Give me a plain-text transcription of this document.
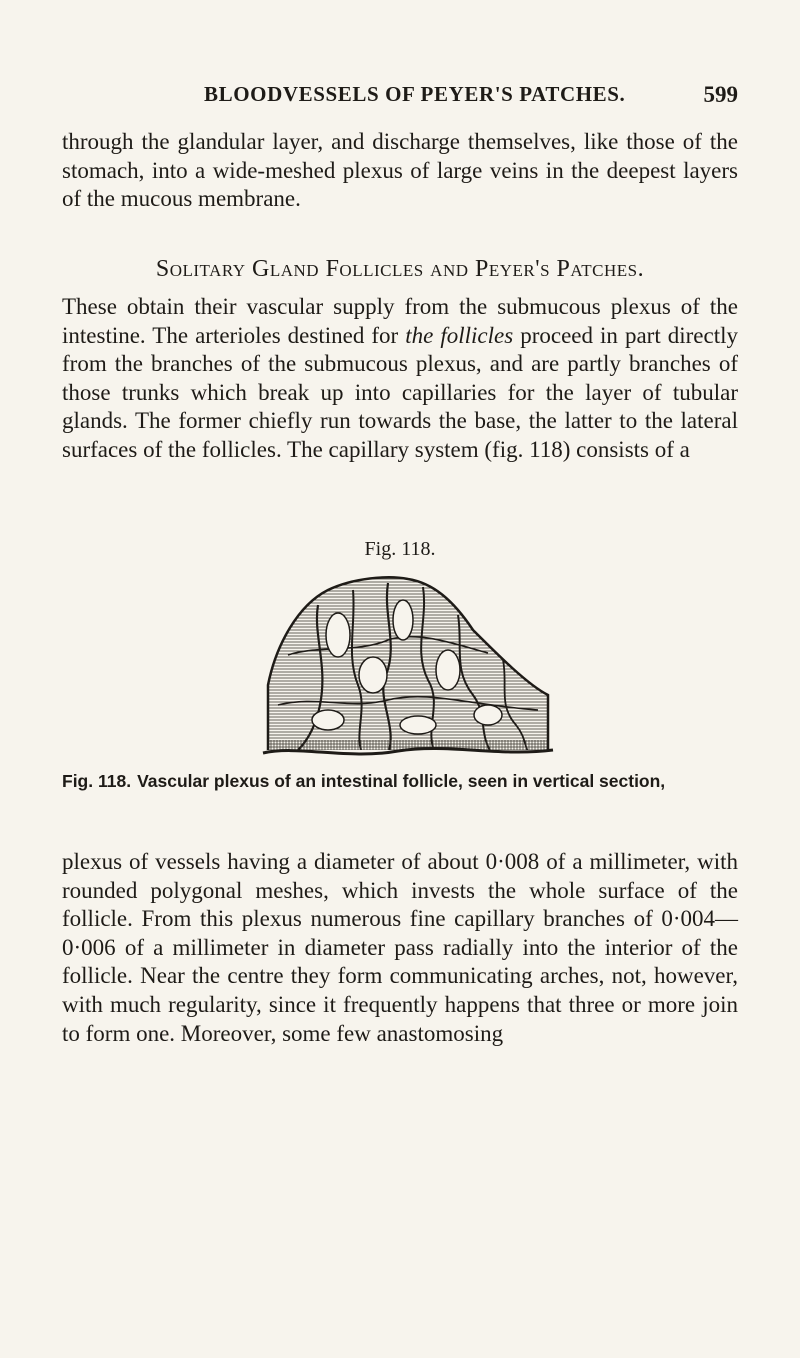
BLOODVESSELS OF PEYER'S PATCHES.	599

through the glandular layer, and discharge themselves, like those of the stomach, into a wide-meshed plexus of large veins in the deepest layers of the mucous membrane.

Solitary Gland Follicles and Peyer's Patches.

These obtain their vascular supply from the submucous plexus of the intestine. The arterioles destined for the follicles proceed in part directly from the branches of the submucous plexus, and are partly branches of those trunks which break up into capillaries for the layer of tubular glands. The former chiefly run towards the base, the latter to the lateral surfaces of the follicles. The capillary system (fig. 118) consists of a

Fig. 118.

Fig. 118. Vascular plexus of an intestinal follicle, seen in vertical section,

plexus of vessels having a diameter of about 0·008 of a millimeter, with rounded polygonal meshes, which invests the whole surface of the follicle. From this plexus numerous fine capillary branches of 0·004—0·006 of a millimeter in diameter pass radially into the interior of the follicle. Near the centre they form communicating arches, not, however, with much regularity, since it frequently happens that three or more join to form one. Moreover, some few anastomosing
